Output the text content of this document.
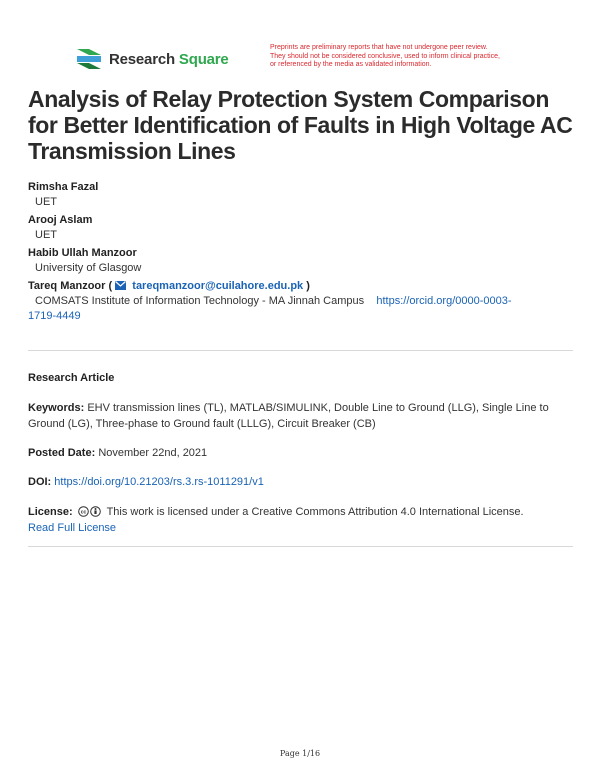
Research Square
Preprints are preliminary reports that have not undergone peer review.
They should not be considered conclusive, used to inform clinical practice,
or referenced by the media as validated information.
Analysis of Relay Protection System Comparison for Better Identification of Faults in High Voltage AC Transmission Lines
Rimsha Fazal
UET
Arooj Aslam
UET
Habib Ullah Manzoor
University of Glasgow
Tareq Manzoor ( tareqmanzoor@cuilahore.edu.pk )
COMSATS Institute of Information Technology - MA Jinnah Campus https://orcid.org/0000-0003-
1719-4449
Research Article
Keywords: EHV transmission lines (TL), MATLAB/SIMULINK, Double Line to Ground (LLG), Single Line to
Ground (LG), Three-phase to Ground fault (LLLG), Circuit Breaker (CB)
Posted Date: November 22nd, 2021
DOI: https://doi.org/10.21203/rs.3.rs-1011291/v1
License: cc This work is licensed under a Creative Commons Attribution 4.0 International License.
Read Full License
Page 1/16
